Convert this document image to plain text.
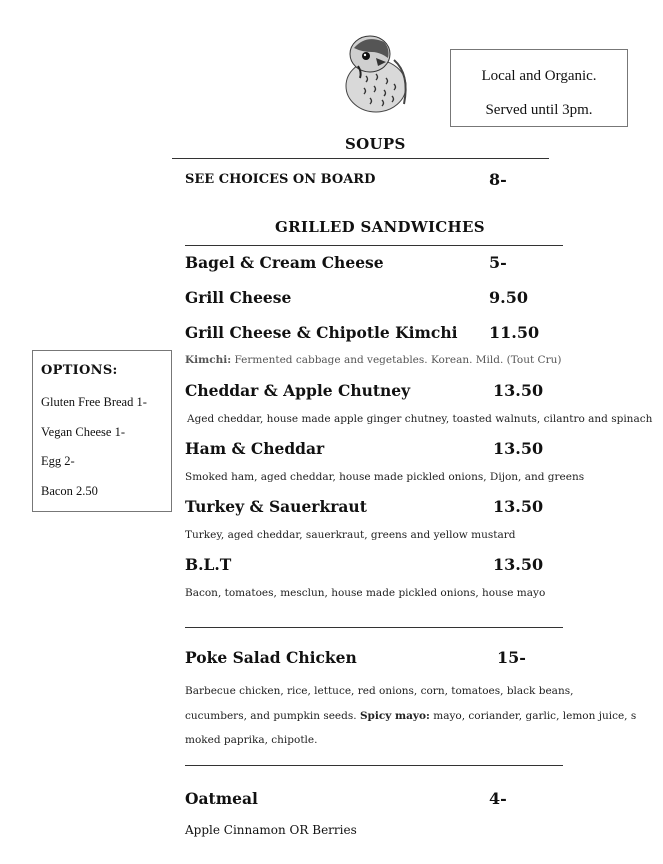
Local and Organic.
Served until 3pm.
SOUPS
SEE CHOICES ON BOARD	8-
GRILLED SANDWICHES
Bagel & Cream Cheese	5-
Grill Cheese	9.50
Grill Cheese & Chipotle Kimchi 11.50
Kimchi: Fermented cabbage and vegetables. Korean. Mild. (Tout Cru)
OPTIONS:
Gluten Free Bread 1-
Vegan Cheese 1-
Egg 2-
Bacon 2.50
Cheddar & Apple Chutney	13.50
Aged cheddar, house made apple ginger chutney, toasted walnuts, cilantro and spinach
Ham & Cheddar	13.50
Smoked ham, aged cheddar, house made pickled onions, Dijon, and greens
Turkey & Sauerkraut	13.50
Turkey, aged cheddar, sauerkraut, greens and yellow mustard
B.L.T	13.50
Bacon, tomatoes, mesclun, house made pickled onions, house mayo
Poke Salad Chicken	15-
Barbecue chicken, rice, lettuce, red onions, corn, tomatoes, black beans,
cucumbers, and pumpkin seeds. Spicy mayo: mayo, coriander, garlic, lemon juice, s
moked paprika, chipotle.
Oatmeal	4-
Apple Cinnamon OR Berries
